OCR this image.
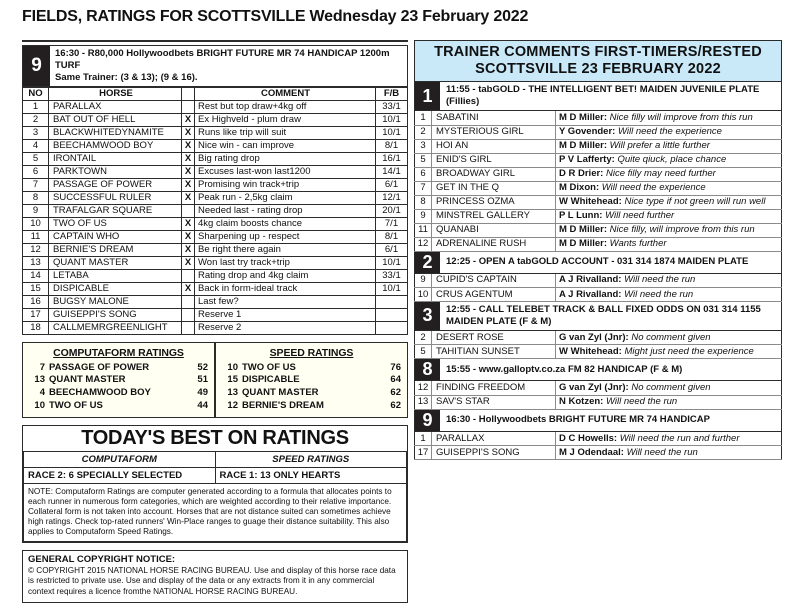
FIELDS, RATINGS FOR SCOTTSVILLE Wednesday 23 February 2022
9
16:30 - R80,000 Hollywoodbets BRIGHT FUTURE MR 74 HANDICAP 1200m TURF
Same Trainer: (3 & 13); (9 & 16).
NO	HORSE		COMMENT	F/B
1	PARALLAX		Rest but top draw+4kg off	33/1
2	BAT OUT OF HELL	X	Ex Highveld - plum draw	10/1
3	BLACKWHITEDYNAMITE	X	Runs like trip will suit	10/1
4	BEECHAMWOOD BOY	X	Nice win - can improve	8/1
5	IRONTAIL	X	Big rating drop	16/1
6	PARKTOWN	X	Excuses last-won last1200	14/1
7	PASSAGE OF POWER	X	Promising win track+trip	6/1
8	SUCCESSFUL RULER	X	Peak run - 2,5kg claim	12/1
9	TRAFALGAR SQUARE		Needed last - rating drop	20/1
10	TWO OF US	X	4kg claim boosts chance	7/1
11	CAPTAIN WHO	X	Sharpening up - respect	8/1
12	BERNIE'S DREAM	X	Be right there again	6/1
13	QUANT MASTER	X	Won last try track+trip	10/1
14	LETABA		Rating drop and 4kg claim	33/1
15	DISPICABLE	X	Back in form-ideal track	10/1
16	BUGSY MALONE		Last few?	
17	GUISEPPI'S SONG		Reserve 1	
18	CALLMEMRGREENLIGHT		Reserve 2	
COMPUTAFORM RATINGS
7 PASSAGE OF POWER	52
13 QUANT MASTER	51
4 BEECHAMWOOD BOY	49
10 TWO OF US	44
SPEED RATINGS
10 TWO OF US	76
15 DISPICABLE	64
13 QUANT MASTER	62
12 BERNIE'S DREAM	62
TODAY'S BEST ON RATINGS
COMPUTAFORM	SPEED RATINGS
RACE 2: 6 SPECIALLY SELECTED	RACE 1: 13 ONLY HEARTS
NOTE: Computaform Ratings are computer generated according to a formula that allocates points to each runner in numerous form categories, which are weighted according to their relative importance. Collateral form is not taken into account. Horses that are not distance suited can sometimes achieve high ratings. Check top-rated runners' Win-Place ranges to guage their distance suitability. This also applies to Computaform Speed Ratings.
GENERAL COPYRIGHT NOTICE:
© COPYRIGHT 2015 NATIONAL HORSE RACING BUREAU. Use and display of this horse race data is restricted to private use. Use and display of the data or any extracts from it in any commercial context requires a licence fromthe NATIONAL HORSE RACING BUREAU.
TRAINER COMMENTS FIRST-TIMERS/RESTED
SCOTTSVILLE 23 FEBRUARY 2022
1	11:55 - tabGOLD - THE INTELLIGENT BET! MAIDEN JUVENILE PLATE (Fillies)
1	SABATINI	M D Miller: Nice filly will improve from this run
2	MYSTERIOUS GIRL	Y Govender: Will need the experience
3	HOI AN	M D Miller: Will prefer a little further
5	ENID'S GIRL	P V Lafferty: Quite qiuck, place chance
6	BROADWAY GIRL	D R Drier: Nice filly may need further
7	GET IN THE Q	M Dixon: Will need the experience
8	PRINCESS OZMA	W Whitehead: Nice type if not green will run well
9	MINSTREL GALLERY	P L Lunn: Will need further
11	QUANABI	M D Miller: Nice filly, will improve from this run
12	ADRENALINE RUSH	M D Miller: Wants further
2	12:25 - OPEN A tabGOLD ACCOUNT - 031 314 1874 MAIDEN PLATE
9	CUPID'S CAPTAIN	A J Rivalland: Will need the run
10	CRUS AGENTUM	A J Rivalland: Wil need the run
3	12:55 - CALL TELEBET TRACK & BALL FIXED ODDS ON 031 314 1155 MAIDEN PLATE (F & M)
2	DESERT ROSE	G van Zyl (Jnr): No comment given
5	TAHITIAN SUNSET	W Whitehead: Might just need the experience
8	15:55 - www.galloptv.co.za FM 82 HANDICAP (F & M)
12	FINDING FREEDOM	G van Zyl (Jnr): No comment given
13	SAV'S STAR	N Kotzen: Will need the run
9	16:30 - Hollywoodbets BRIGHT FUTURE MR 74 HANDICAP
1	PARALLAX	D C Howells: Will need the run and further
17	GUISEPPI'S SONG	M J Odendaal: Will need the run
